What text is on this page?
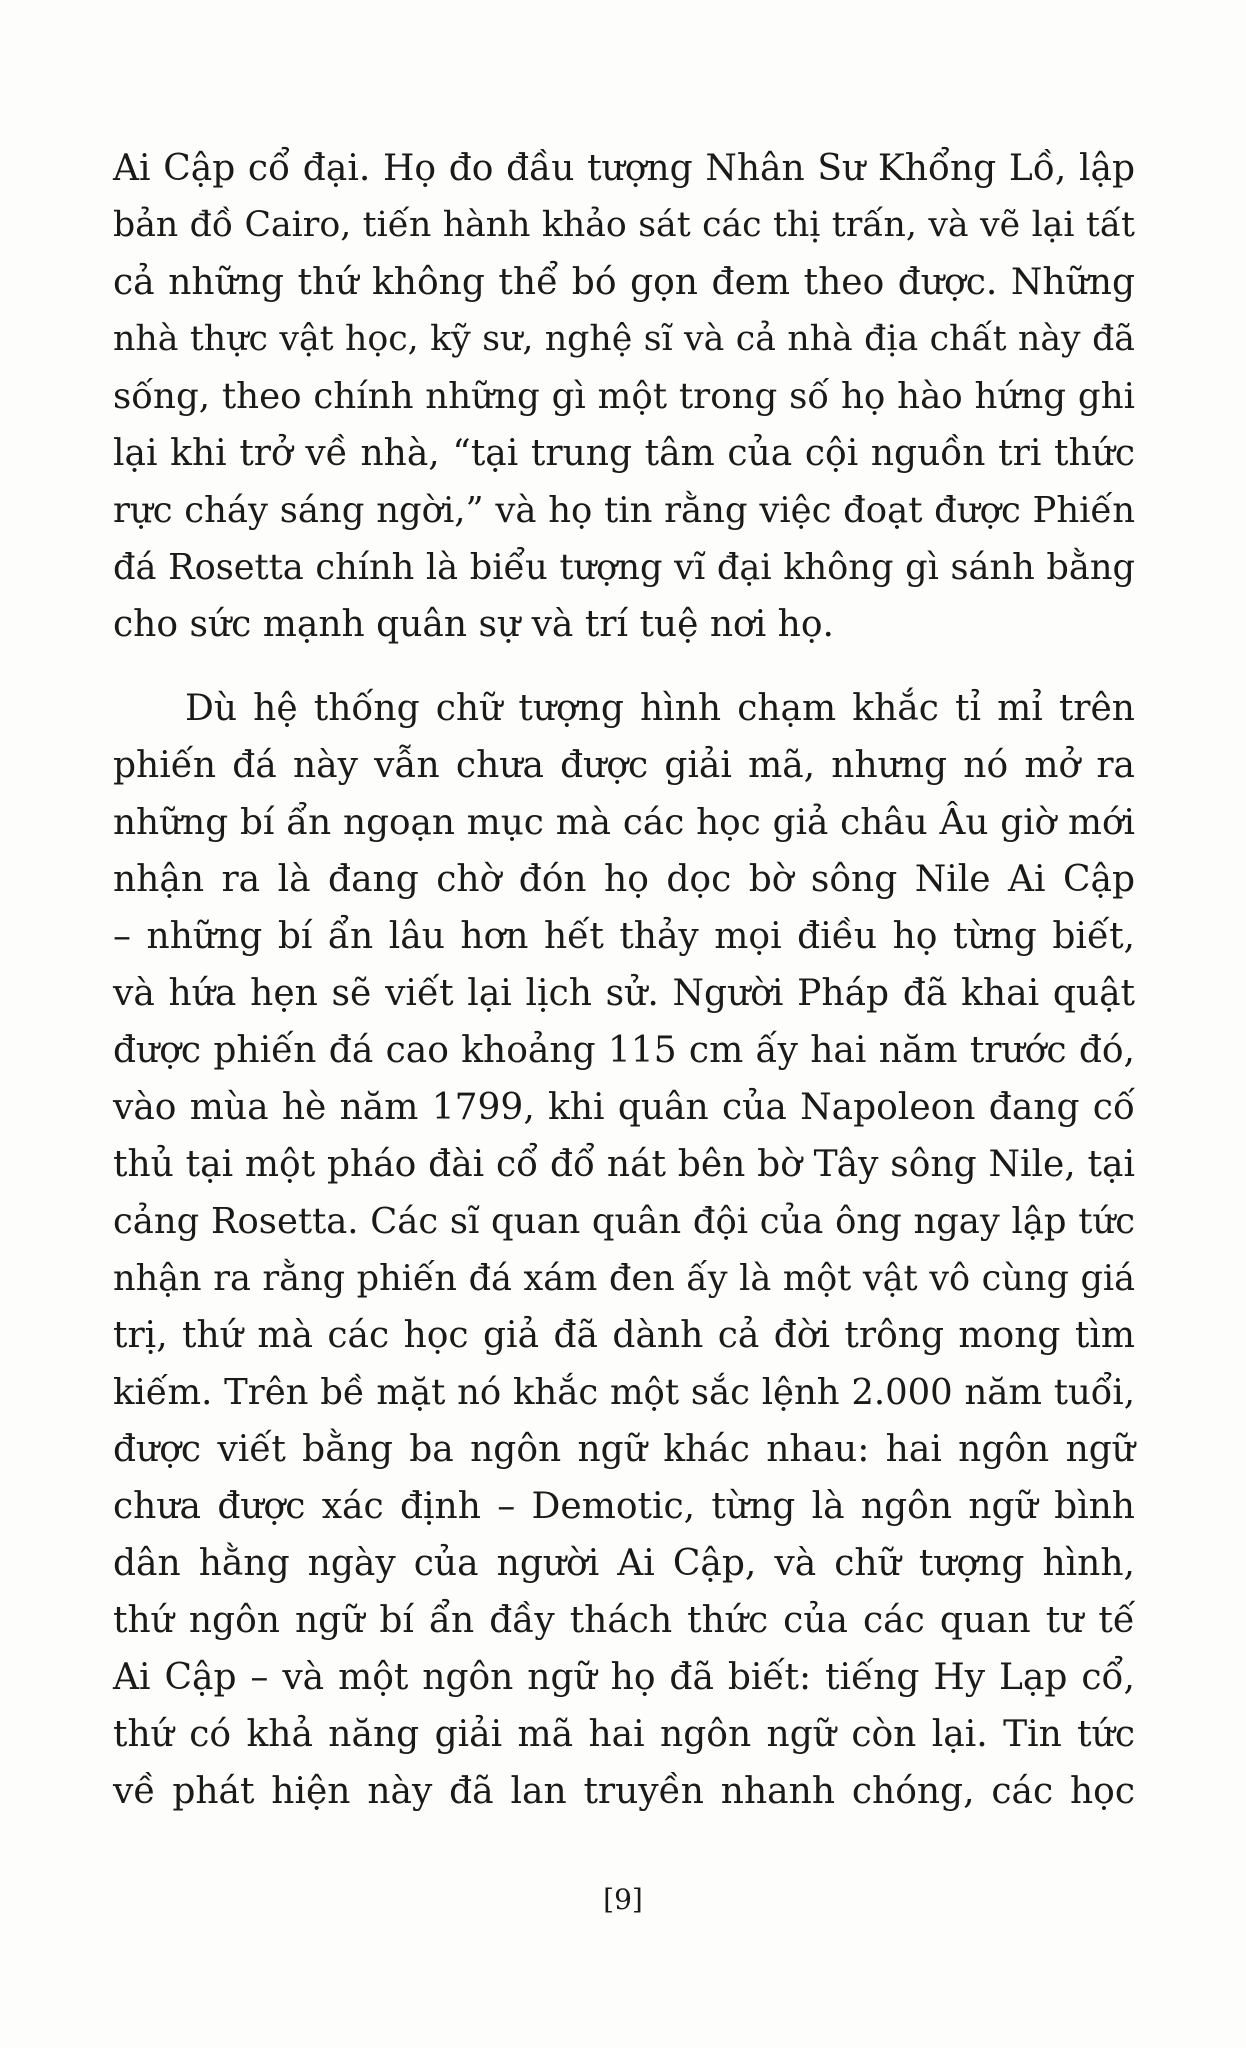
Ai Cập cổ đại. Họ đo đầu tượng Nhân Sư Khổng Lồ, lập
bản đồ Cairo, tiến hành khảo sát các thị trấn, và vẽ lại tất
cả những thứ không thể bó gọn đem theo được. Những
nhà thực vật học, kỹ sư, nghệ sĩ và cả nhà địa chất này đã
sống, theo chính những gì một trong số họ hào hứng ghi
lại khi trở về nhà, “tại trung tâm của cội nguồn tri thức
rực cháy sáng ngời,” và họ tin rằng việc đoạt được Phiến
đá Rosetta chính là biểu tượng vĩ đại không gì sánh bằng
cho sức mạnh quân sự và trí tuệ nơi họ.
Dù hệ thống chữ tượng hình chạm khắc tỉ mỉ trên
phiến đá này vẫn chưa được giải mã, nhưng nó mở ra
những bí ẩn ngoạn mục mà các học giả châu Âu giờ mới
nhận ra là đang chờ đón họ dọc bờ sông Nile Ai Cập
– những bí ẩn lâu hơn hết thảy mọi điều họ từng biết,
và hứa hẹn sẽ viết lại lịch sử. Người Pháp đã khai quật
được phiến đá cao khoảng 115 cm ấy hai năm trước đó,
vào mùa hè năm 1799, khi quân của Napoleon đang cố
thủ tại một pháo đài cổ đổ nát bên bờ Tây sông Nile, tại
cảng Rosetta. Các sĩ quan quân đội của ông ngay lập tức
nhận ra rằng phiến đá xám đen ấy là một vật vô cùng giá
trị, thứ mà các học giả đã dành cả đời trông mong tìm
kiếm. Trên bề mặt nó khắc một sắc lệnh 2.000 năm tuổi,
được viết bằng ba ngôn ngữ khác nhau: hai ngôn ngữ
chưa được xác định – Demotic, từng là ngôn ngữ bình
dân hằng ngày của người Ai Cập, và chữ tượng hình,
thứ ngôn ngữ bí ẩn đầy thách thức của các quan tư tế
Ai Cập – và một ngôn ngữ họ đã biết: tiếng Hy Lạp cổ,
thứ có khả năng giải mã hai ngôn ngữ còn lại. Tin tức
về phát hiện này đã lan truyền nhanh chóng, các học
[9]
